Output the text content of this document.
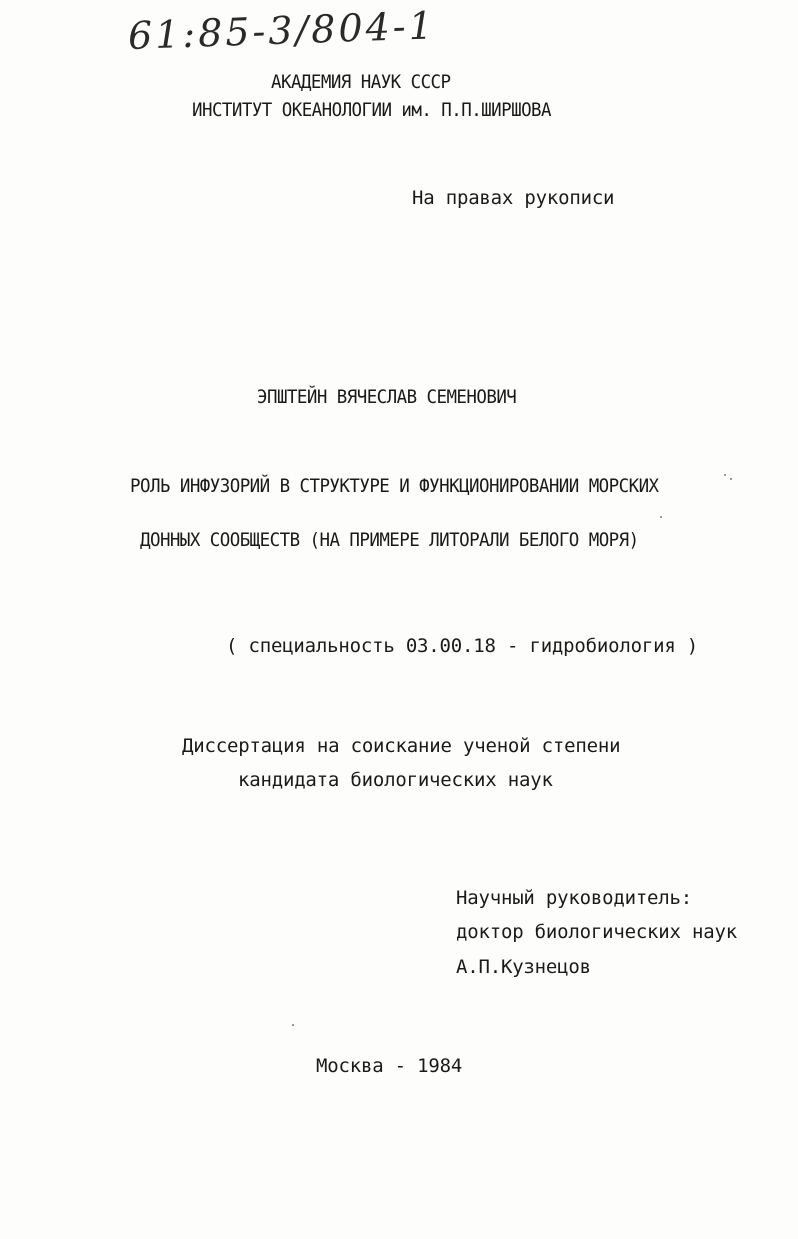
61:85-3/804-1
АКАДЕМИЯ НАУК СССР
ИНСТИТУТ ОКЕАНОЛОГИИ им. П.П.ШИРШОВА
На правах рукописи
ЭПШТЕЙН ВЯЧЕСЛАВ СЕМЕНОВИЧ
РОЛЬ ИНФУЗОРИЙ В СТРУКТУРЕ И ФУНКЦИОНИРОВАНИИ МОРСКИХ
ДОННЫХ СООБЩЕСТВ (НА ПРИМЕРЕ ЛИТОРАЛИ БЕЛОГО МОРЯ)
( специальность 03.00.18 - гидробиология )
Диссертация на соискание ученой степени
кандидата биологических наук
Научный руководитель:
доктор биологических наук
А.П.Кузнецов
Москва - 1984
